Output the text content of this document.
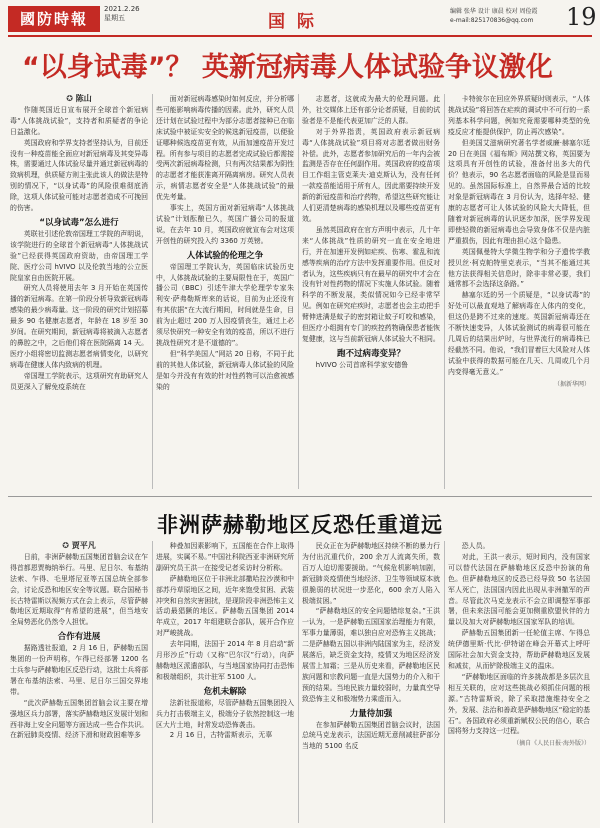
國防時報
2021.2.26
星期五	国际
编辑 张华 设计 康晨 校对 周俭霞
e-mail:825170836@qq.com	19
“以身试毒”？ 英新冠病毒人体试验争议激化

✪ 陈山

作随英国近日宣布展开全球首个新冠病毒“人体挑战试验”，支持者和质疑者的争论日益激化。

英国政府和学界支持者坚持认为，目前还没有一种疫苗能全面应对新冠病毒及其变异毒株，需要通过人体试验尽量并通过新冠病毒的致病机理，供质疑方则主张此该人的做法是特别的情况下，“以身试毒”的风险很难彻底消除，这项人体试验可能对志愿者造成不可挽回的伤害。

“以身试毒”怎么进行

英联社引述伦敦帝国理工学院的声明说，该学院进行的全球首个新冠病毒“人体挑战试验”已经获得英国政府资助，由帝国理工学院、医疗公司 hVIVO 以及伦敦当地的公立医院皇家自由医院开展。

研究人员将使用去年 3 月开始在英国传播的新冠病毒。在第一阶段分析导致新冠病毒感染的最少病毒量。这一阶段的研究计划招募最多 90 名健康志愿者，年龄在 18 岁至 30 岁间。在研究期间，新冠病毒将被滴入志愿者的鼻腔之中，之后他们将在医院隔离 14 天。医疗小组将密切监测志愿者病情变化，以研究病毒在健康人体内致病的机理。

帝国理工学院表示，这项研究有助研究人员更深入了解免疫系统在

面对新冠病毒感染时如何反应，并分析哪些可能影响病毒传播的因素。此外，研究人员还计划在试验过程中为部分志愿者接种已在临床试验中被证实安全的候选新冠疫苗，以便验证哪种候选疫苗更有效，从而加速疫苗开发过程。所有参与项目的志愿者完成试验后都需接受两次新冠病毒检测，只有两次结果都为阴性的志愿者才能获准离开隔离病房。研究人员表示，病情志愿者安全是“人体挑战试验”的最优先考量。

事实上，英国方面对新冠病毒“人体挑战试验”计划酝酿已久，英国广播公司的报道说，在去年 10 月，英国政府就宣布会对这项开创性的研究投入约 3360 万英镑。

人体试验的伦理之争

帝国理工学院认为，英国临床试验历史中，人体挑战试验的主要局限性在于，英国广播公司（BBC）引述牛津大学伦理学专家朱利安·萨弗勒斯库来的话说，目前为止还没有有其依据“在大流行期间，时间就是生命，目前为止超过 200 万人因疫情丧生，通过上必须尽快研究一种安全有效的疫苗，所以不进行挑战性研究才是不道德的”。

但“科学美国人”网站 20 日称，不同于此前的其他人体试验，新冠病毒人体试验的风险是如今并没有有效的针对性药物可以治愈被感染的

志愿者，这就成为最大的伦理问题。此外，社交媒体上还有部分论者质疑，目前的试验者是不是能代表更加广泛的人群。

对于外界指责，英国政府表示新冠病毒“人体挑战试验”项目将对志愿者做出财务补偿。此外，志愿者参加研究后的一年内会被监测是否存在任何副作用。英国政府的疫苗项目工作组主管克莱夫·迪克斯认为，没有任何一款疫苗能适用于所有人，因此需要持续开发新的新冠疫苗和治疗药物，希望这些研究能让人们更清楚病毒的感染机理以及哪些疫苗更有效。

虽然英国政府在官方声明中表示，几十年来“人体挑战”性质的研究一直在安全地进行，并在加速开发例如疟疾、伤寒、霍乱和流感等疾病的治疗方法中发挥重要作用。但反对者认为，这些疾病只有在最早的研究中才会在没有针对性药物的情况下实施人体试验。随着科学的不断发展，类似情况如今已经非常罕见。例如在研究疟疾时，志愿者也会主动把手臂伸进满是蚊子的密封箱让蚊子叮咬和感染，但医疗小组拥有专门的疾控药物确保患者能恢复健康，这与当前新冠病人体试验大不相同。

跑不过病毒变异？

hVIVO 公司首席科学家安德鲁

卡特彼尔在回应外界质疑时则表示，“人体挑战试验”将回答在疟疾的调试中不可行的一系列基本科学问题，例如究竟需要哪种类型的免疫反应才能提供保护，防止再次感染”。

但美国艾滋病研究著名学者威廉·赫塞尔廷 20 日在美国《福布斯》网站撰文称，英国要为这项具有开创性的试验，准备付出多大的代价？他表示，90 名志愿者面临的风险是显而易见的。虽然国际标准上，自然界最合适的比较对象是新冠病毒在 3 月份认为，选择年轻、健康的志愿者可让人体试验的风险大大降低，但随着对新冠病毒的认识逐步加深，医学界发现即使轻微的新冠病毒也会导致身体不仅是内脏严重损伤，因此有理由担心这个隐患。

英国佩曼特大学微生物学和分子遗传学教授贝丝·柯克帕特里克表示，“当其不能通过其他方法获得相关信息时，除非非常必要，我们通常都不会选择这条路。”

赫塞尔廷的另一个质疑是，“以身试毒”的好处可以最直观地了解病毒在人体内的变化，但这仍是跨不过来的速度。英国新冠病毒还在不断快速变异，人体试验测试的病毒很可能在几周后的结果出炉时，与世界流行的病毒株已经截然不同。他说，“我们冒着巨大风险对人体试验中获得的数据可能在几天、几周或几个月内变得毫无意义。”

（据新华网）
非洲萨赫勒地区反恐任重道远

✪ 贾平凡

日前，非洲萨赫勒五国集团首脑会议在乍得首都恩贾梅纳举行。马里、尼日尔、布基纳法索、乍得、毛里塔尼亚等五国总统全部参会，讨论反恐和地区安全等议题。联合国秘书长古特雷斯以视频方式在会上表示，尽管萨赫勒地区近期取得“有希望的进展”，但当地安全局势恶化仍然令人担忧。

合作有进展

据路透社报道，2 月 16 日，萨赫勒五国集团的一份声明称，乍得已经部署 1200 名士兵参与萨赫勒地区反恐行动，这批士兵将部署在布基纳法索、马里、尼日尔三国交界地带。

“此次萨赫勒五国集团首脑会议主要在增强地区兵力部署，落实萨赫勒地区发展计划和西非海上安全问题等方面达成一些合作共识。在新冠肺炎疫情、经济下滑和财政困难等多

种叠加因素影响下，五国能在合作上取得进展，实属不易。”中国社科院西亚非洲研究所副研究员王洪一在接受记者采访时分析称。

萨赫勒地区位于非洲北部撒哈拉沙漠和中部苏丹草原地区之间，近年来饱受贫困、武装冲突和自然灾害困扰，是现阶段非洲恐怖主义活动最猖獗的地区。萨赫勒五国集团 2014 年成立，2017 年组建联合部队，展开合作应对严峻挑战。

去年同期，法国于 2014 年 8 月启动“新月形沙丘”行动（又称“巴尔汉”行动），向萨赫勒地区派遣部队，与当地国家协同打击恐怖和极端组织，共计驻军 5100 人。

危机未解除

法新社报道称，尽管萨赫勒五国集团投入兵力打击极端主义，极端分子依然控制这一地区大片土地，时常发动恐怖袭击。

2 月 16 日，古特雷斯表示，无辜

民众正在为萨赫勒地区持续不断的暴力行为付出沉重代价，200 余万人流离失所，数百万人迫切需要援助。“气候危机影响加剧，新冠肺炎疫情使当地经济、卫生等领域原本就很脆弱的状况进一步恶化，600 余万人陷入极端贫困。”

“萨赫勒地区的安全问题错综复杂。”王洪一认为，一是萨赫勒五国国家治理能力有限，军事力量薄弱，难以独自应对恐怖主义挑战；二是萨赫勒五国以非洲内陆国家为主，经济发展落后，缺乏资金支持，疫情又为地区经济发展雪上加霜；三是从历史来看，萨赫勒地区民族问题和宗教问题一直是大国势力的介入和干预的结果。当地民族力量较弱时，力量真空导致恐怖主义和极端势力乘虚而入。

力量待加强

在参加萨赫勒五国集团首脑会议时，法国总统马克龙表示，法国近期无意削减驻萨部分当地的 5100 名反

恐人员。

对此，王洪一表示，短时间内，没有国家可以替代法国在萨赫勒地区反恐中扮演的角色。但萨赫勒地区的反恐已经导致 50 名法国军人死亡，法国国内因此出现从非洲撤军的声音。尽管此次马克龙表示不会立即调整军事部署，但未来法国可能会更加侧重欧盟伙伴的力量以及加大对萨赫勒地区国家军队的培训。

萨赫勒五国集团新一任轮值主席、乍得总统伊德里斯·代比·伊特诺在峰会开幕式上呼吁国际社会加大资金支持，帮助萨赫勒地区发展和减贫，从而铲除极端主义的温床。

“萨赫勒地区面临的许多挑战都是多层次且相互关联的，应对这些挑战必须抓住问题的根源。”古特雷斯说，除了采取措施维持安全之外，发展、法治和善政是萨赫勒地区“稳定的基石”。各国政府必须重新赋权公民的信心，联合国将努力支持这一过程。

（摘自《人民日报·海外版》）
